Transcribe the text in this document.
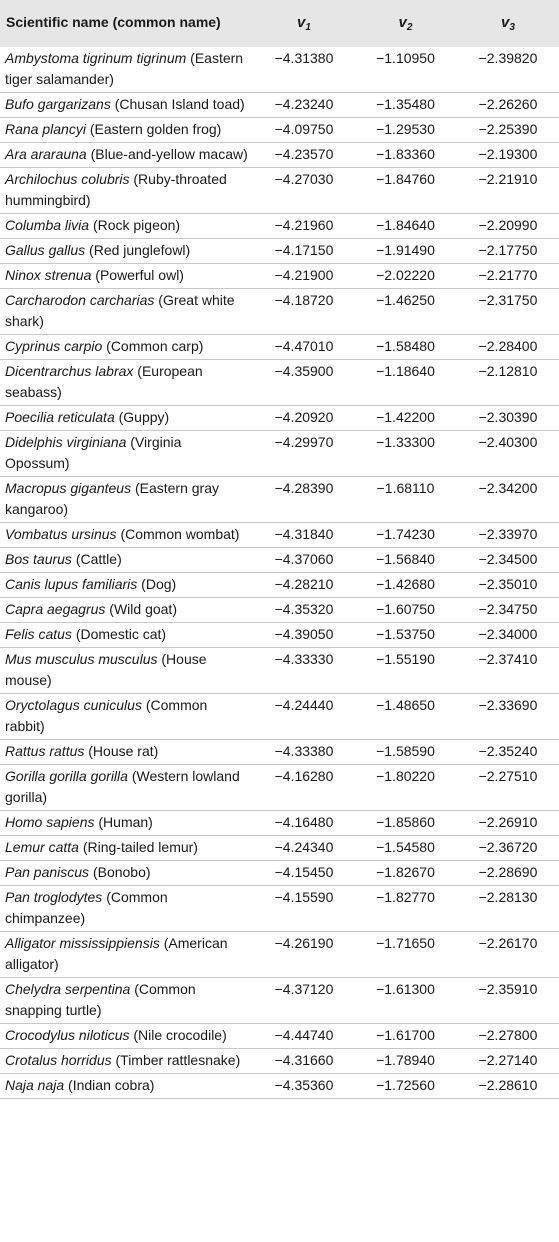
Scientific name (common name)	$v_1$	$v_2$	$v_3$
Ambystoma tigrinum tigrinum (Eastern tiger salamander)	−4.31380	−1.10950	−2.39820
Bufo gargarizans (Chusan Island toad)	−4.23240	−1.35480	−2.26260
Rana plancyi (Eastern golden frog)	−4.09750	−1.29530	−2.25390
Ara ararauna (Blue-and-yellow macaw)	−4.23570	−1.83360	−2.19300
Archilochus colubris (Ruby-throated hummingbird)	−4.27030	−1.84760	−2.21910
Columba livia (Rock pigeon)	−4.21960	−1.84640	−2.20990
Gallus gallus (Red junglefowl)	−4.17150	−1.91490	−2.17750
Ninox strenua (Powerful owl)	−4.21900	−2.02220	−2.21770
Carcharodon carcharias (Great white shark)	−4.18720	−1.46250	−2.31750
Cyprinus carpio (Common carp)	−4.47010	−1.58480	−2.28400
Dicentrarchus labrax (European seabass)	−4.35900	−1.18640	−2.12810
Poecilia reticulata (Guppy)	−4.20920	−1.42200	−2.30390
Didelphis virginiana (Virginia Opossum)	−4.29970	−1.33300	−2.40300
Macropus giganteus (Eastern gray kangaroo)	−4.28390	−1.68110	−2.34200
Vombatus ursinus (Common wombat)	−4.31840	−1.74230	−2.33970
Bos taurus (Cattle)	−4.37060	−1.56840	−2.34500
Canis lupus familiaris (Dog)	−4.28210	−1.42680	−2.35010
Capra aegagrus (Wild goat)	−4.35320	−1.60750	−2.34750
Felis catus (Domestic cat)	−4.39050	−1.53750	−2.34000
Mus musculus musculus (House mouse)	−4.33330	−1.55190	−2.37410
Oryctolagus cuniculus (Common rabbit)	−4.24440	−1.48650	−2.33690
Rattus rattus (House rat)	−4.33380	−1.58590	−2.35240
Gorilla gorilla gorilla (Western lowland gorilla)	−4.16280	−1.80220	−2.27510
Homo sapiens (Human)	−4.16480	−1.85860	−2.26910
Lemur catta (Ring-tailed lemur)	−4.24340	−1.54580	−2.36720
Pan paniscus (Bonobo)	−4.15450	−1.82670	−2.28690
Pan troglodytes (Common chimpanzee)	−4.15590	−1.82770	−2.28130
Alligator mississippiensis (American alligator)	−4.26190	−1.71650	−2.26170
Chelydra serpentina (Common snapping turtle)	−4.37120	−1.61300	−2.35910
Crocodylus niloticus (Nile crocodile)	−4.44740	−1.61700	−2.27800
Crotalus horridus (Timber rattlesnake)	−4.31660	−1.78940	−2.27140
Naja naja (Indian cobra)	−4.35360	−1.72560	−2.28610
